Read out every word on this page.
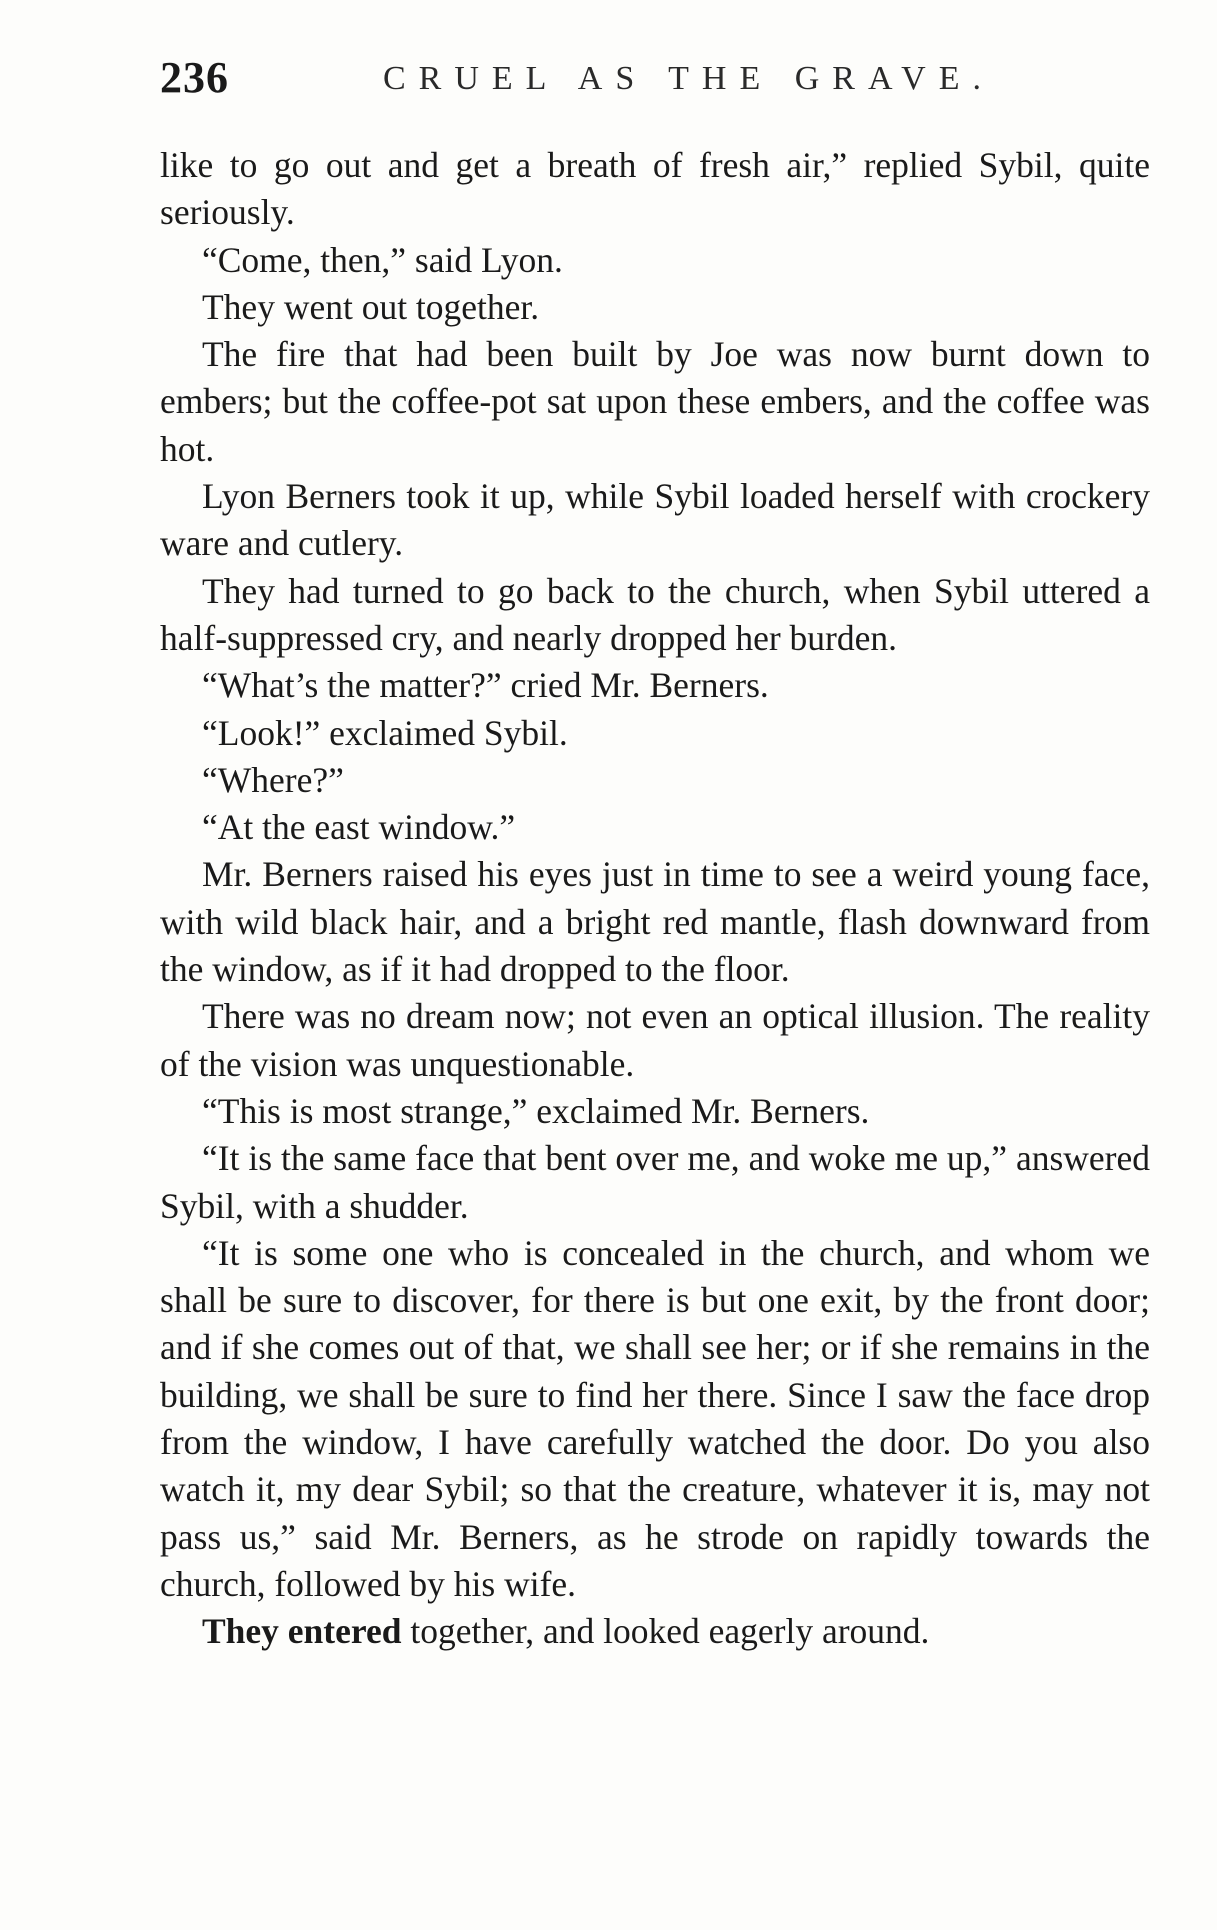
236	CRUEL AS THE GRAVE.

like to go out and get a breath of fresh air,” replied Sybil, quite seriously.

“Come, then,” said Lyon.

They went out together.

The fire that had been built by Joe was now burnt down to embers; but the coffee-pot sat upon these embers, and the coffee was hot.

Lyon Berners took it up, while Sybil loaded herself with crockery ware and cutlery.

They had turned to go back to the church, when Sybil uttered a half-suppressed cry, and nearly dropped her burden.

“What’s the matter?” cried Mr. Berners.

“Look!” exclaimed Sybil.

“Where?”

“At the east window.”

Mr. Berners raised his eyes just in time to see a weird young face, with wild black hair, and a bright red mantle, flash downward from the window, as if it had dropped to the floor.

There was no dream now; not even an optical illusion. The reality of the vision was unquestionable.

“This is most strange,” exclaimed Mr. Berners.

“It is the same face that bent over me, and woke me up,” answered Sybil, with a shudder.

“It is some one who is concealed in the church, and whom we shall be sure to discover, for there is but one exit, by the front door; and if she comes out of that, we shall see her; or if she remains in the building, we shall be sure to find her there. Since I saw the face drop from the window, I have carefully watched the door. Do you also watch it, my dear Sybil; so that the creature, whatever it is, may not pass us,” said Mr. Berners, as he strode on rapidly towards the church, followed by his wife.

They entered together, and looked eagerly around.
